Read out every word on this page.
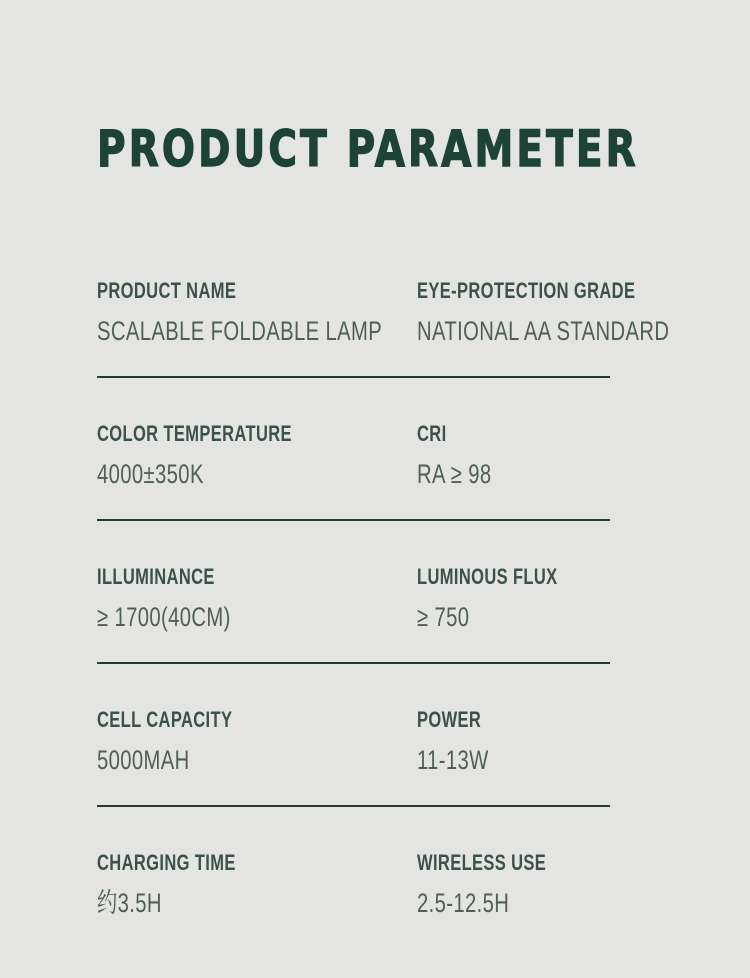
PRODUCT PARAMETER
PRODUCT NAME
SCALABLE FOLDABLE LAMP
EYE-PROTECTION GRADE
NATIONAL AA STANDARD
COLOR TEMPERATURE
4000±350K
CRI
RA ≥ 98
ILLUMINANCE
≥ 1700(40CM)
LUMINOUS FLUX
≥ 750
CELL CAPACITY
5000MAH
POWER
11-13W
CHARGING TIME
约3.5H
WIRELESS USE
2.5-12.5H
